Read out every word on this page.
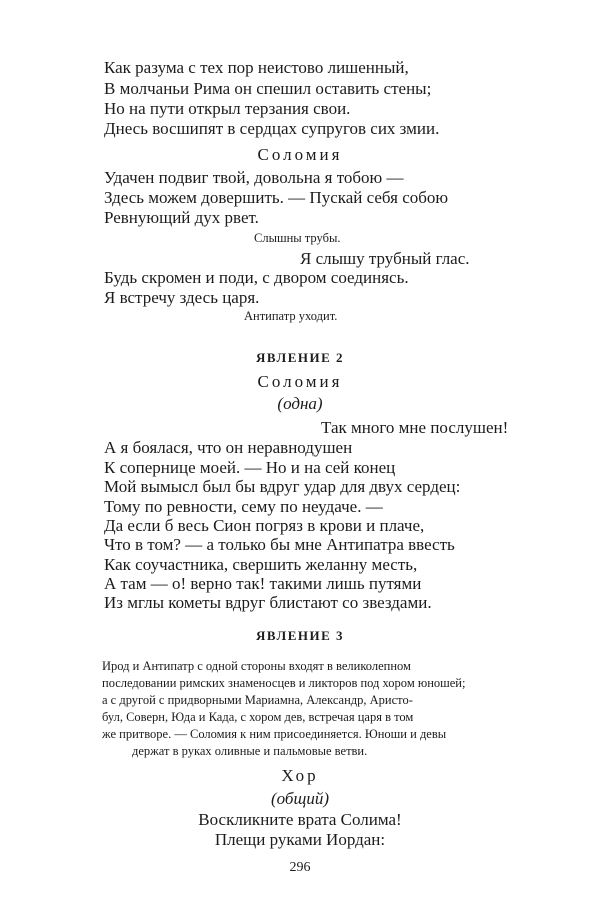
Как разума с тех пор неистово лишенный,
В молчаньи Рима он спешил оставить стены;
Но на пути открыл терзания свои.
Днесь восшипят в сердцах супругов сих змии.
Соломия
Удачен подвиг твой, довольна я тобою —
Здесь можем довершить. — Пускай себя собою
Ревнующий дух рвет.
Слышны трубы.
Я слышу трубный глас.
Будь скромен и поди, с двором соединясь.
Я встречу здесь царя.
Антипатр уходит.
ЯВЛЕНИЕ 2
Соломия
(одна)
Так много мне послушен!
А я боялася, что он неравнодушен
К сопернице моей. — Но и на сей конец
Мой вымысл был бы вдруг удар для двух сердец:
Тому по ревности, сему по неудаче. —
Да если б весь Сион погряз в крови и плаче,
Что в том? — а только бы мне Антипатра ввесть
Как соучастника, свершить желанну месть,
А там — о! верно так! такими лишь путями
Из мглы кометы вдруг блистают со звездами.
ЯВЛЕНИЕ 3
Ирод и Антипатр с одной стороны входят в великолепном
последовании римских знаменосцев и ликторов под хором юношей;
а с другой с придворными Мариамна, Александр, Аристо-
бул, Соверн, Юда и Када, с хором дев, встречая царя в том
же притворе. — Соломия к ним присоединяется. Юноши и девы
держат в руках оливные и пальмовые ветви.
Хор
(общий)
Воскликните врата Солима!
Плещи руками Иордан:
296
